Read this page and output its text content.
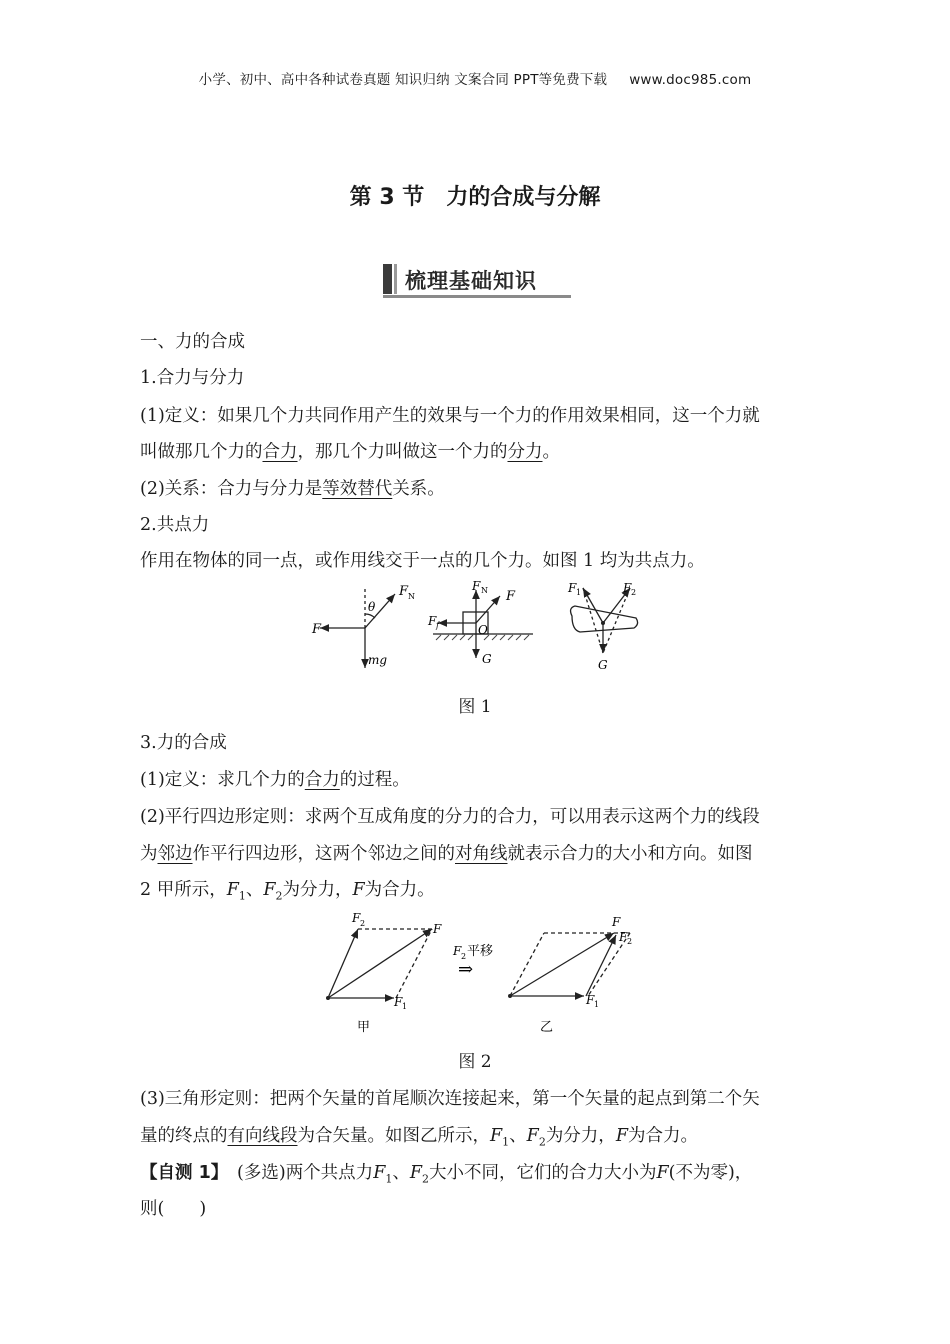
小学、初中、高中各种试卷真题 知识归纳 文案合同 PPT等免费下载 www.doc985.com
第 3 节 力的合成与分解
梳理基础知识
一、力的合成
1.合力与分力
(1)定义：如果几个力共同作用产生的效果与一个力的作用效果相同，这一个力就
叫做那几个力的合力，那几个力叫做这一个力的分力。
(2)关系：合力与分力是等效替代关系。
2.共点力
作用在物体的同一点，或作用线交于一点的几个力。如图 1 均为共点力。
F
F N
θ
mg
F N F
F f	O
G
F 1	F 2
G
图 1
3.力的合成
(1)定义：求几个力的合力的过程。
(2)平行四边形定则：求两个互成角度的分力的合力，可以用表示这两个力的线段
为邻边作平行四边形，这两个邻边之间的对角线就表示合力的大小和方向。如图
2 甲所示，$F_1$、$F_2$为分力，F为合力。
F 2	F
F 1
甲
F 2 平移
⇒
F
F 2
F 1
乙
图 2
(3)三角形定则：把两个矢量的首尾顺次连接起来，第一个矢量的起点到第二个矢
量的终点的有向线段为合矢量。如图乙所示，$F_1$、$F_2$为分力，F为合力。
【自测 1】　 (多选)两个共点力$F_1$、$F_2$大小不同，它们的合力大小为F(不为零)，
则(　　)
